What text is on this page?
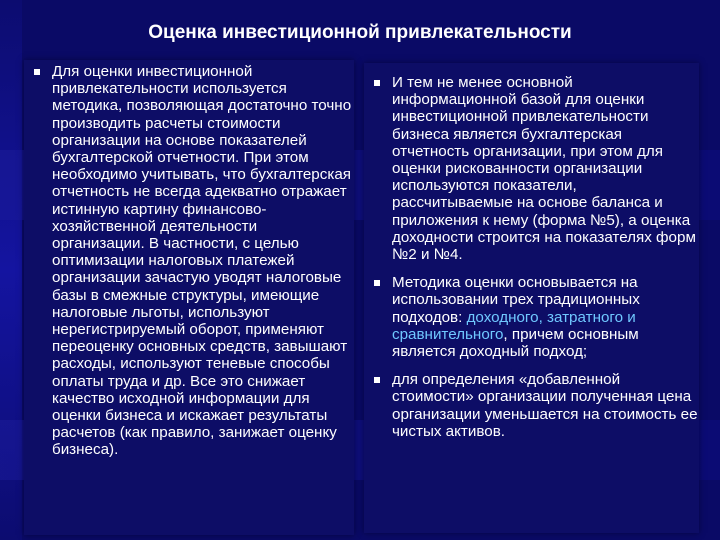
Оценка инвестиционной привлекательности
Для оценки инвестиционной привлекательности используется методика, позволяющая достаточно точно производить расчеты стоимости организации на основе показателей бухгалтерской отчетности. При этом необходимо учитывать, что бухгалтерская отчетность не всегда адекватно отражает истинную картину финансово-хозяйственной деятельности организации. В частности, с целью оптимизации налоговых платежей организации зачастую уводят налоговые базы в смежные структуры, имеющие налоговые льготы, используют нерегистрируемый оборот, применяют переоценку основных средств, завышают расходы, используют теневые способы оплаты труда и др. Все это снижает качество исходной информации для оценки бизнеса и искажает результаты расчетов (как правило, занижает оценку бизнеса).
И тем не менее основной информационной базой для оценки инвестиционной привлекательности бизнеса является бухгалтерская отчетность организации, при этом для оценки рискованности организации используются показатели, рассчитываемые на основе баланса и приложения к нему (форма №5), а оценка доходности строится на показателях форм №2 и №4.
Методика оценки основывается на использовании трех традиционных подходов: доходного, затратного и сравнительного, причем основным является доходный подход;
для определения «добавленной стоимости» организации полученная цена организации уменьшается на стоимость ее чистых активов.
